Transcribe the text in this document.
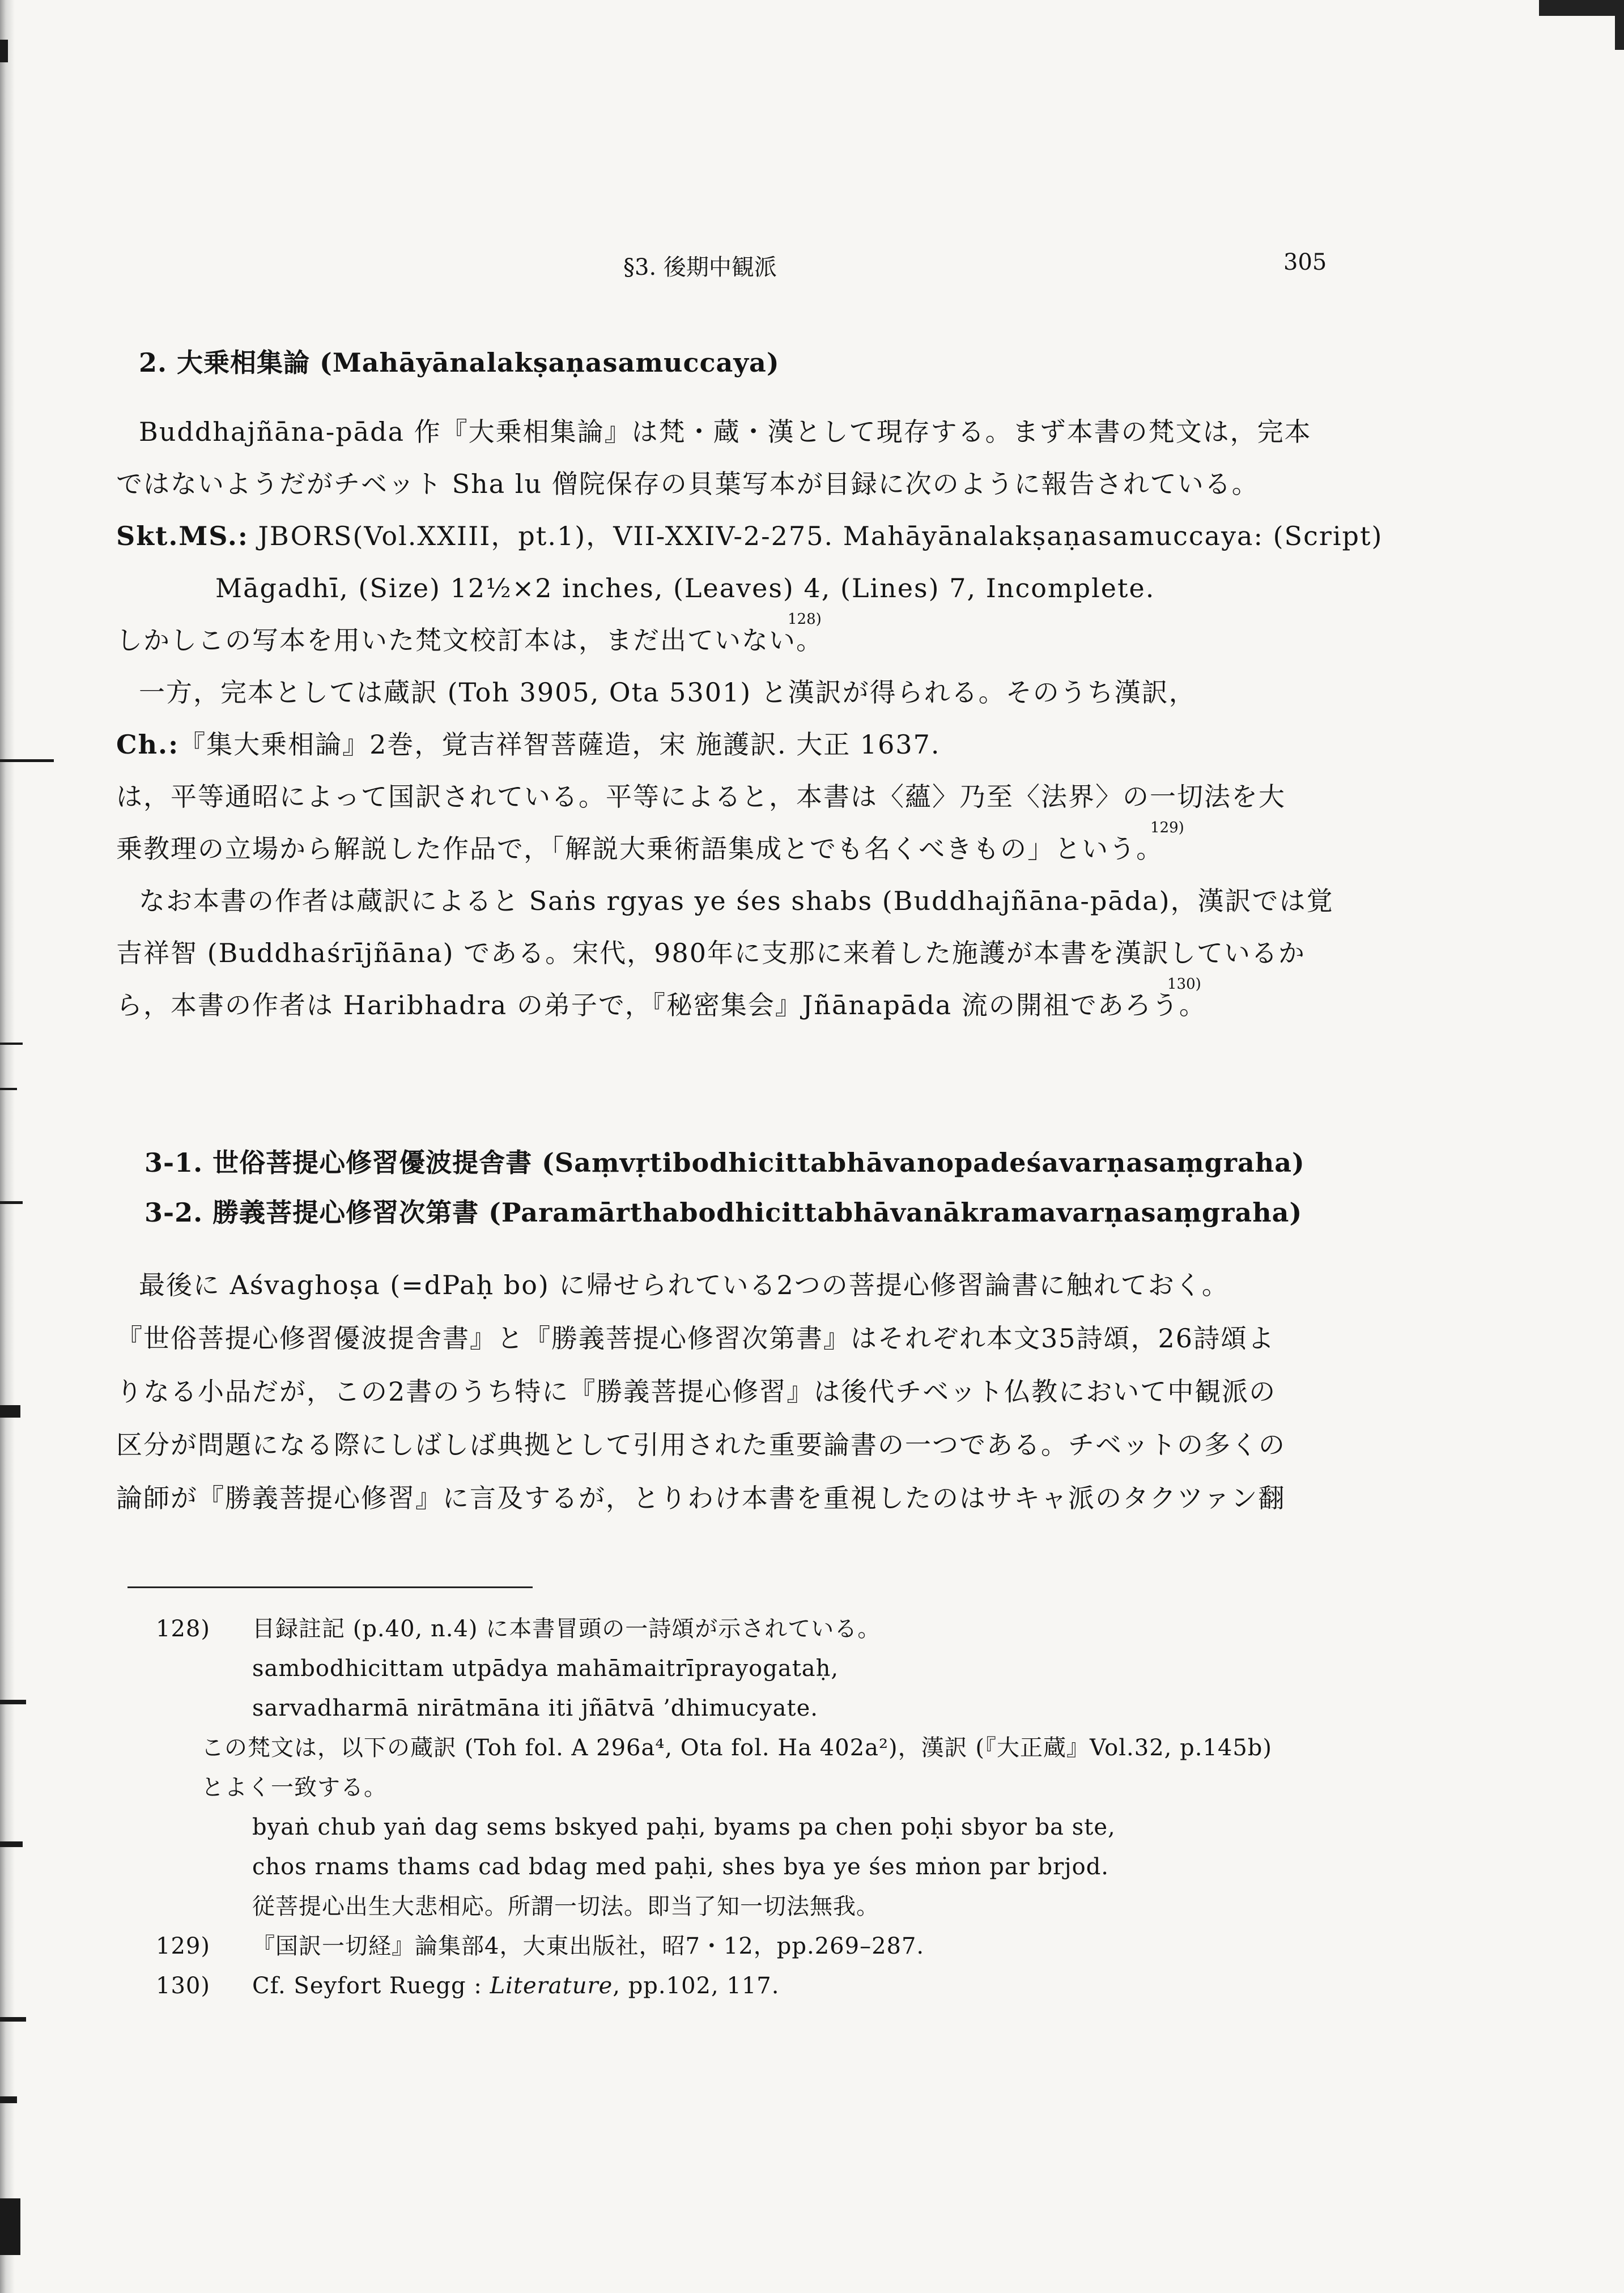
§3. 後期中観派	305
2. 大乗相集論 (Mahāyānalakṣaṇasamuccaya)
Buddhajñāna-pāda 作『大乗相集論』は梵・蔵・漢として現存する。まず本書の梵文は，完本
ではないようだがチベット Sha lu 僧院保存の貝葉写本が目録に次のように報告されている。
Skt.MS.: JBORS(Vol.XXIII，pt.1)，VII-XXIV-2-275. Mahāyānalakṣaṇasamuccaya: (Script)
Māgadhī, (Size) 12½×2 inches, (Leaves) 4, (Lines) 7, Incomplete.
128)
しかしこの写本を用いた梵文校訂本は，まだ出ていない。
一方，完本としては蔵訳 (Toh 3905, Ota 5301) と漢訳が得られる。そのうち漢訳，
Ch.:『集大乗相論』2巻，覚吉祥智菩薩造，宋 施護訳. 大正 1637.
は，平等通昭によって国訳されている。平等によると，本書は〈蘊〉乃至〈法界〉の一切法を大
129)
乗教理の立場から解説した作品で，「解説大乗術語集成とでも名くべきもの」という。
なお本書の作者は蔵訳によると Saṅs rgyas ye śes shabs (Buddhajñāna-pāda)，漢訳では覚
吉祥智 (Buddhaśrījñāna) である。宋代，980年に支那に来着した施護が本書を漢訳しているか
130)
ら，本書の作者は Haribhadra の弟子で，『秘密集会』Jñānapāda 流の開祖であろう。
3-1. 世俗菩提心修習優波提舎書 (Saṃvṛtibodhicittabhāvanopadeśavarṇasaṃgraha)
3-2. 勝義菩提心修習次第書 (Paramārthabodhicittabhāvanākramavarṇasaṃgraha)
最後に Aśvaghoṣa (=dPaḥ bo) に帰せられている2つの菩提心修習論書に触れておく。
『世俗菩提心修習優波提舎書』と『勝義菩提心修習次第書』はそれぞれ本文35詩頌，26詩頌よ
りなる小品だが，この2書のうち特に『勝義菩提心修習』は後代チベット仏教において中観派の
区分が問題になる際にしばしば典拠として引用された重要論書の一つである。チベットの多くの
論師が『勝義菩提心修習』に言及するが，とりわけ本書を重視したのはサキャ派のタクツァン翻
128) 目録註記 (p.40, n.4) に本書冒頭の一詩頌が示されている。
sambodhicittam utpādya mahāmaitrīprayogataḥ,
sarvadharmā nirātmāna iti jñātvā ’dhimucyate.
この梵文は，以下の蔵訳 (Toh fol. A 296a⁴, Ota fol. Ha 402a²)，漢訳 (『大正蔵』Vol.32, p.145b)
とよく一致する。
byaṅ chub yaṅ dag sems bskyed paḥi, byams pa chen poḥi sbyor ba ste,
chos rnams thams cad bdag med paḥi, shes bya ye śes mṅon par brjod.
従菩提心出生大悲相応。所謂一切法。即当了知一切法無我。
129) 『国訳一切経』論集部4，大東出版社，昭7・12，pp.269–287.
130) Cf. Seyfort Ruegg : Literature, pp.102, 117.
